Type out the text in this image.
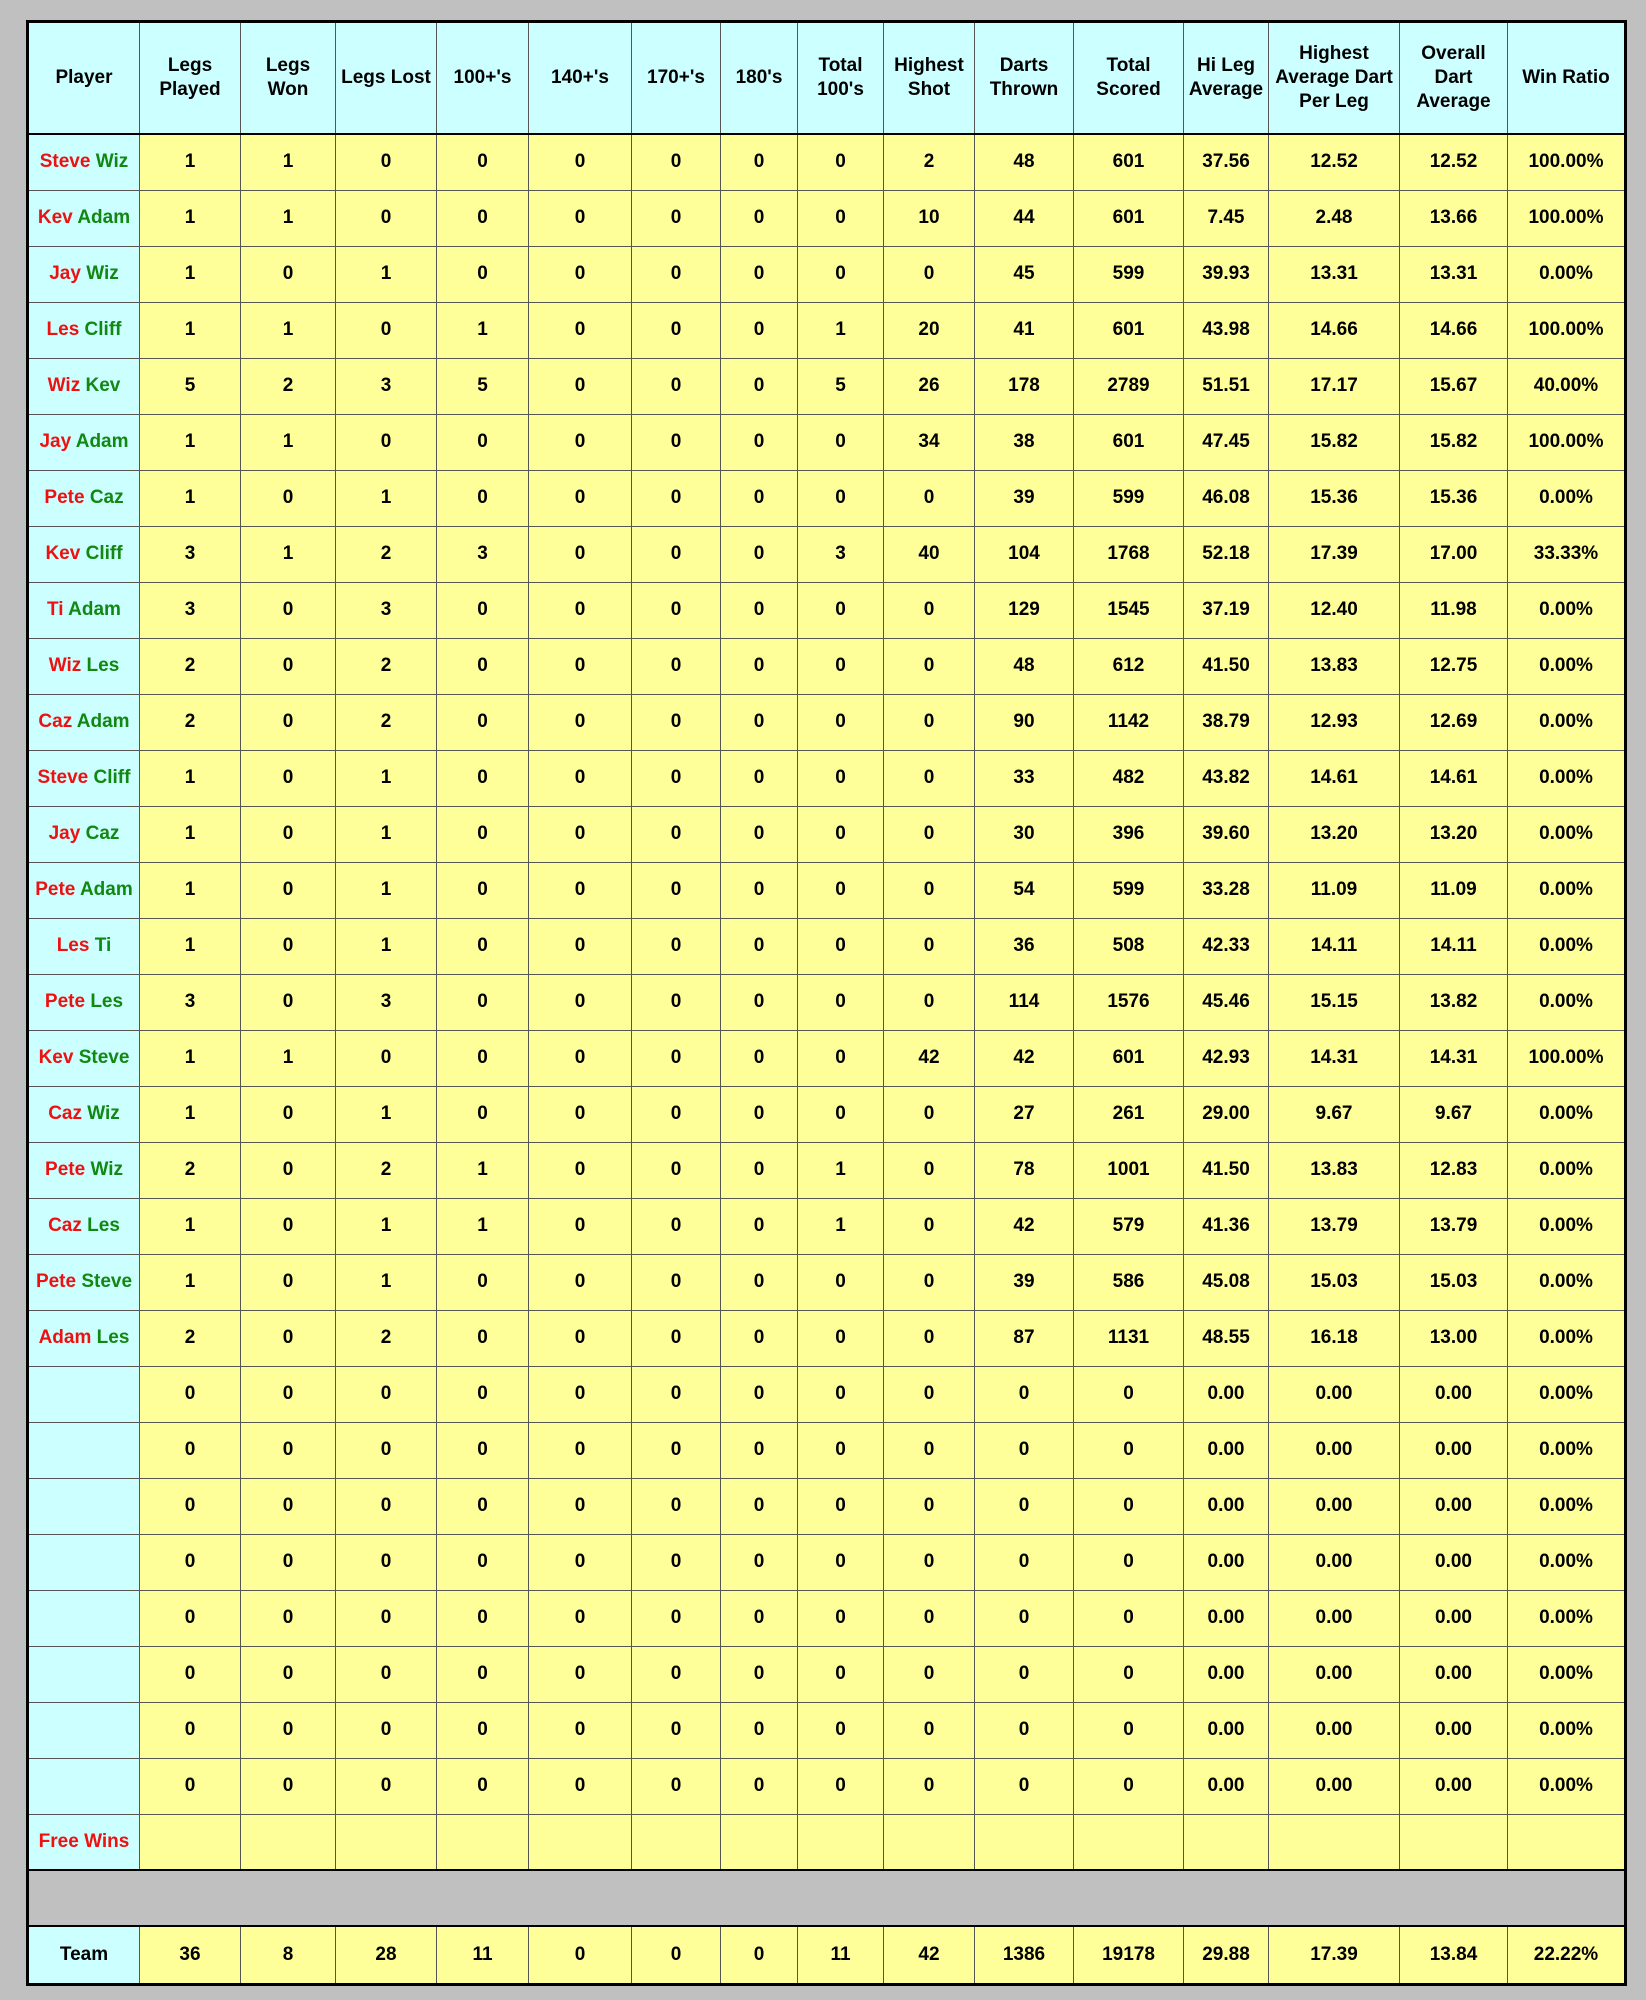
Player	Legs Played	Legs Won	Legs Lost	100+'s	140+'s	170+'s	180's	Total 100's	Highest Shot	Darts Thrown	Total Scored	Hi Leg Average	Highest Average Dart Per Leg	Overall Dart Average	Win Ratio
Steve Wiz	1	1	0	0	0	0	0	0	2	48	601	37.56	12.52	12.52	100.00%
Kev Adam	1	1	0	0	0	0	0	0	10	44	601	7.45	2.48	13.66	100.00%
Jay Wiz	1	0	1	0	0	0	0	0	0	45	599	39.93	13.31	13.31	0.00%
Les Cliff	1	1	0	1	0	0	0	1	20	41	601	43.98	14.66	14.66	100.00%
Wiz Kev	5	2	3	5	0	0	0	5	26	178	2789	51.51	17.17	15.67	40.00%
Jay Adam	1	1	0	0	0	0	0	0	34	38	601	47.45	15.82	15.82	100.00%
Pete Caz	1	0	1	0	0	0	0	0	0	39	599	46.08	15.36	15.36	0.00%
Kev Cliff	3	1	2	3	0	0	0	3	40	104	1768	52.18	17.39	17.00	33.33%
Ti Adam	3	0	3	0	0	0	0	0	0	129	1545	37.19	12.40	11.98	0.00%
Wiz Les	2	0	2	0	0	0	0	0	0	48	612	41.50	13.83	12.75	0.00%
Caz Adam	2	0	2	0	0	0	0	0	0	90	1142	38.79	12.93	12.69	0.00%
Steve Cliff	1	0	1	0	0	0	0	0	0	33	482	43.82	14.61	14.61	0.00%
Jay Caz	1	0	1	0	0	0	0	0	0	30	396	39.60	13.20	13.20	0.00%
Pete Adam	1	0	1	0	0	0	0	0	0	54	599	33.28	11.09	11.09	0.00%
Les Ti	1	0	1	0	0	0	0	0	0	36	508	42.33	14.11	14.11	0.00%
Pete Les	3	0	3	0	0	0	0	0	0	114	1576	45.46	15.15	13.82	0.00%
Kev Steve	1	1	0	0	0	0	0	0	42	42	601	42.93	14.31	14.31	100.00%
Caz Wiz	1	0	1	0	0	0	0	0	0	27	261	29.00	9.67	9.67	0.00%
Pete Wiz	2	0	2	1	0	0	0	1	0	78	1001	41.50	13.83	12.83	0.00%
Caz Les	1	0	1	1	0	0	0	1	0	42	579	41.36	13.79	13.79	0.00%
Pete Steve	1	0	1	0	0	0	0	0	0	39	586	45.08	15.03	15.03	0.00%
Adam Les	2	0	2	0	0	0	0	0	0	87	1131	48.55	16.18	13.00	0.00%
	0	0	0	0	0	0	0	0	0	0	0	0.00	0.00	0.00	0.00%
	0	0	0	0	0	0	0	0	0	0	0	0.00	0.00	0.00	0.00%
	0	0	0	0	0	0	0	0	0	0	0	0.00	0.00	0.00	0.00%
	0	0	0	0	0	0	0	0	0	0	0	0.00	0.00	0.00	0.00%
	0	0	0	0	0	0	0	0	0	0	0	0.00	0.00	0.00	0.00%
	0	0	0	0	0	0	0	0	0	0	0	0.00	0.00	0.00	0.00%
	0	0	0	0	0	0	0	0	0	0	0	0.00	0.00	0.00	0.00%
	0	0	0	0	0	0	0	0	0	0	0	0.00	0.00	0.00	0.00%
Free Wins															

Team	36	8	28	11	0	0	0	11	42	1386	19178	29.88	17.39	13.84	22.22%
